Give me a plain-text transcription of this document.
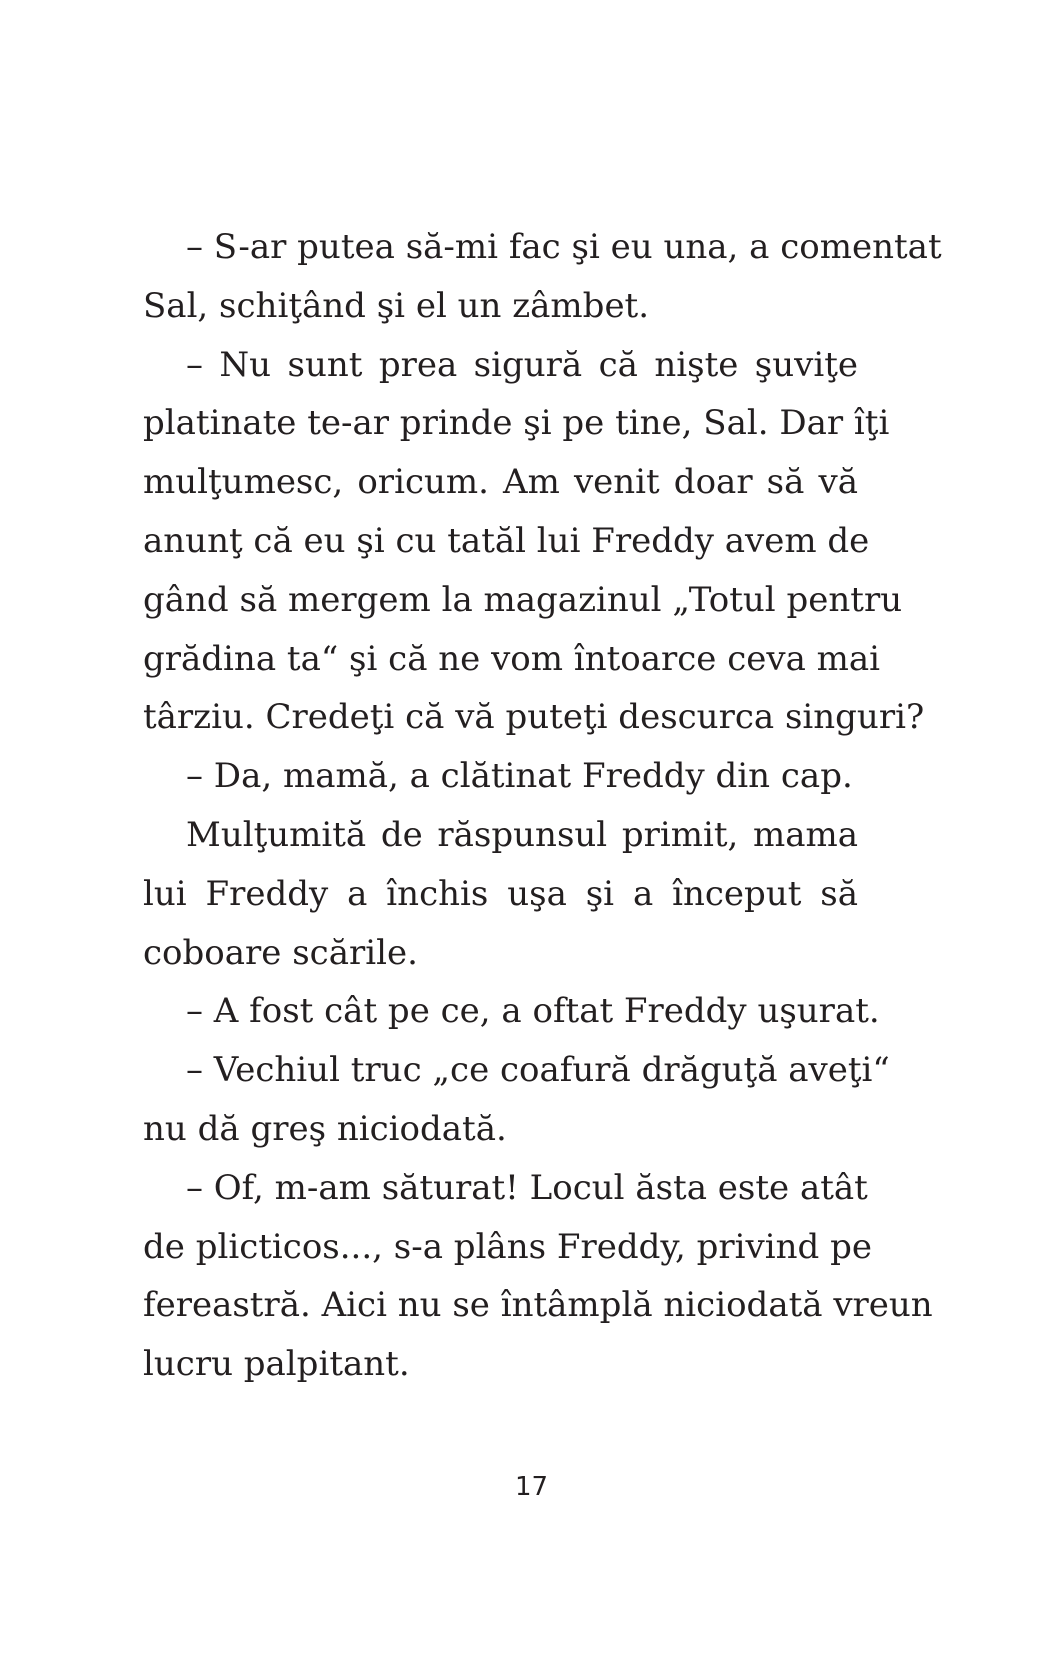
– S-ar putea să-mi fac şi eu una, a comentat
Sal, schiţând şi el un zâmbet.
– Nu sunt prea sigură că nişte şuviţe
platinate te-ar prinde şi pe tine, Sal. Dar îţi
mulţumesc, oricum. Am venit doar să vă
anunţ că eu şi cu tatăl lui Freddy avem de
gând să mergem la magazinul „Totul pentru
grădina ta“ şi că ne vom întoarce ceva mai
târziu. Credeţi că vă puteţi descurca singuri?
– Da, mamă, a clătinat Freddy din cap.
Mulţumită de răspunsul primit, mama
lui Freddy a închis uşa şi a început să
coboare scările.
– A fost cât pe ce, a oftat Freddy uşurat.
– Vechiul truc „ce coafură drăguţă aveţi“
nu dă greş niciodată.
– Of, m-am săturat! Locul ăsta este atât
de plicticos..., s-a plâns Freddy, privind pe
fereastră. Aici nu se întâmplă niciodată vreun
lucru palpitant.
17
